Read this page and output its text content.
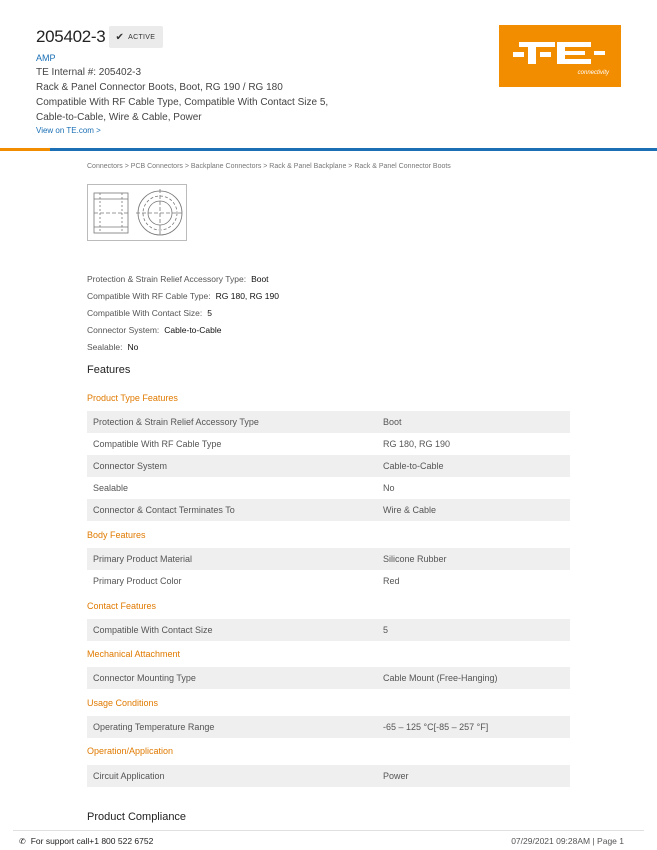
205402-3 ✔ ACTIVE
AMP
TE Internal #: 205402-3
Rack & Panel Connector Boots, Boot, RG 190 / RG 180 Compatible With RF Cable Type, Compatible With Contact Size 5, Cable-to-Cable, Wire & Cable, Power
View on TE.com >
connectivity
Connectors > PCB Connectors > Backplane Connectors > Rack & Panel Backplane > Rack & Panel Connector Boots
Protection & Strain Relief Accessory Type: Boot
Compatible With RF Cable Type: RG 180, RG 190
Compatible With Contact Size: 5
Connector System: Cable-to-Cable
Sealable: No
Features
Product Type Features
Protection & Strain Relief Accessory Type	Boot
Compatible With RF Cable Type	RG 180, RG 190
Connector System	Cable-to-Cable
Sealable	No
Connector & Contact Terminates To	Wire & Cable
Body Features
Primary Product Material	Silicone Rubber
Primary Product Color	Red
Contact Features
Compatible With Contact Size	5
Mechanical Attachment
Connector Mounting Type	Cable Mount (Free-Hanging)
Usage Conditions
Operating Temperature Range	-65 – 125 °C[-85 – 257 °F]
Operation/Application
Circuit Application	Power
Product Compliance
✆ For support call+1 800 522 6752	07/29/2021 09:28AM | Page 1
